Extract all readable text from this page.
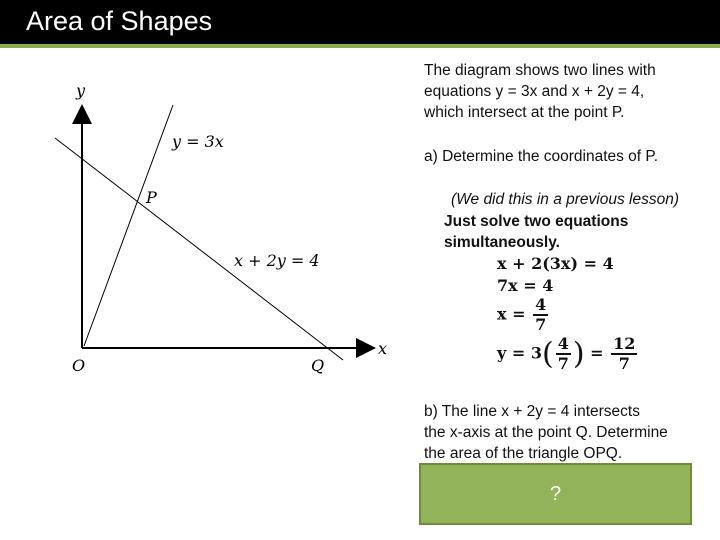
Area of Shapes
y
x
O
P
Q
y = 3x
x + 2y = 4
The diagram shows two lines with
equations y = 3x and x + 2y = 4,
which intersect at the point P.
a) Determine the coordinates of P.
(We did this in a previous lesson)
Just solve two equations
simultaneously.
x + 2(3x) = 4
7x = 4
$x = \frac{4}{7}$
$y = 3( \frac{4}{7}$ ) = $\frac{12}{7}$
b) The line x + 2y = 4 intersects
the x-axis at the point Q. Determine
the area of the triangle OPQ.
?
